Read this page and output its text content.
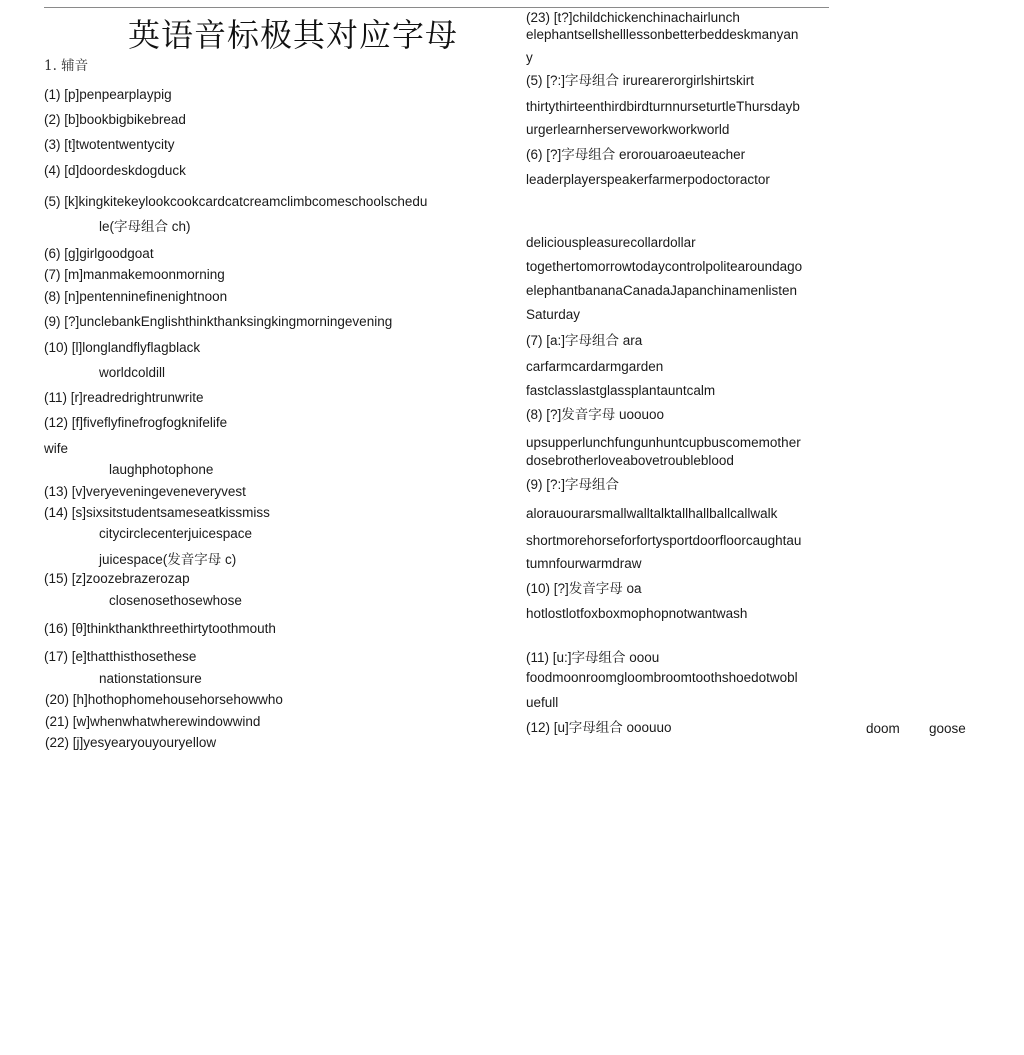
英语音标极其对应字母
1. 辅音
(1) [p]penpearplaypig
(2) [b]bookbigbikebread
(3) [t]twotentwentycity
(4) [d]doordeskdogduck
(5) [k]kingkitekeylookcookcardcatcreamclimbcomeschoolschedu
le(字母组合 ch)
(6) [g]girlgoodgoat
(7) [m]manmakemoonmorning
(8) [n]pentenninefinenightnoon
(9) [?]unclebankEnglishthinkthanksingkingmorningevening
(10) [l]longlandflyflagblack
worldcoldill
(11) [r]readredrightrunwrite
(12) [f]fiveflyfinefrogfogknifelife
wife
laughphotophone
(13) [v]veryeveningeveneveryvest
(14) [s]sixsitstudentsameseatkissmiss
citycirclecenterjuicespace
juicespace(发音字母 c)
(15) [z]zoozebrazerozap
closenosethosewhose
(16) [θ]thinkthankthreethirtytoothmouth
(17) [e]thatthisthosethese
nationstationsure
(20) [h]hothophomehousehorsehowwho
(21) [w]whenwhatwherewindowwind
(22) [j]yesyearyouyouryellow
(23) [t?]childchickenchinachairlunch
elephantsellshelllessonbetterbeddeskmanyan
y
(5) [?:]字母组合 irurearerorgirlshirtskirt
thirtythirteenthirdbirdturnnurseturtleThursdayb
urgerlearnherserveworkworkworld
(6) [?]字母组合 erorouaroaeuteacher
leaderplayerspeakerfarmerpodoctoractor
deliciouspleasurecollardollar
togethertomorrowtodaycontrolpolitearoundago
elephantbananaCanadaJapanchinamenlisten
Saturday
(7) [a:]字母组合 ara
carfarmcardarmgarden
fastclasslastglassplantauntcalm
(8) [?]发音字母 uoouoo
upsupperlunchfungunhuntcupbuscomemother
dosebrotherloveabovetroubleblood
(9) [?:]字母组合
alorauourarsmallwalltalktallhallballcallwalk
shortmorehorseforfortysportdoorfloorcaughtau
tumnfourwarmdraw
(10) [?]发音字母 oa
hotlostlotfoxboxmophopnotwantwash
(11) [u:]字母组合 ooou
foodmoonroomgloombroomtoothshoedotwobl
uefull
(12) [u]字母组合 ooouuo	doom goose
